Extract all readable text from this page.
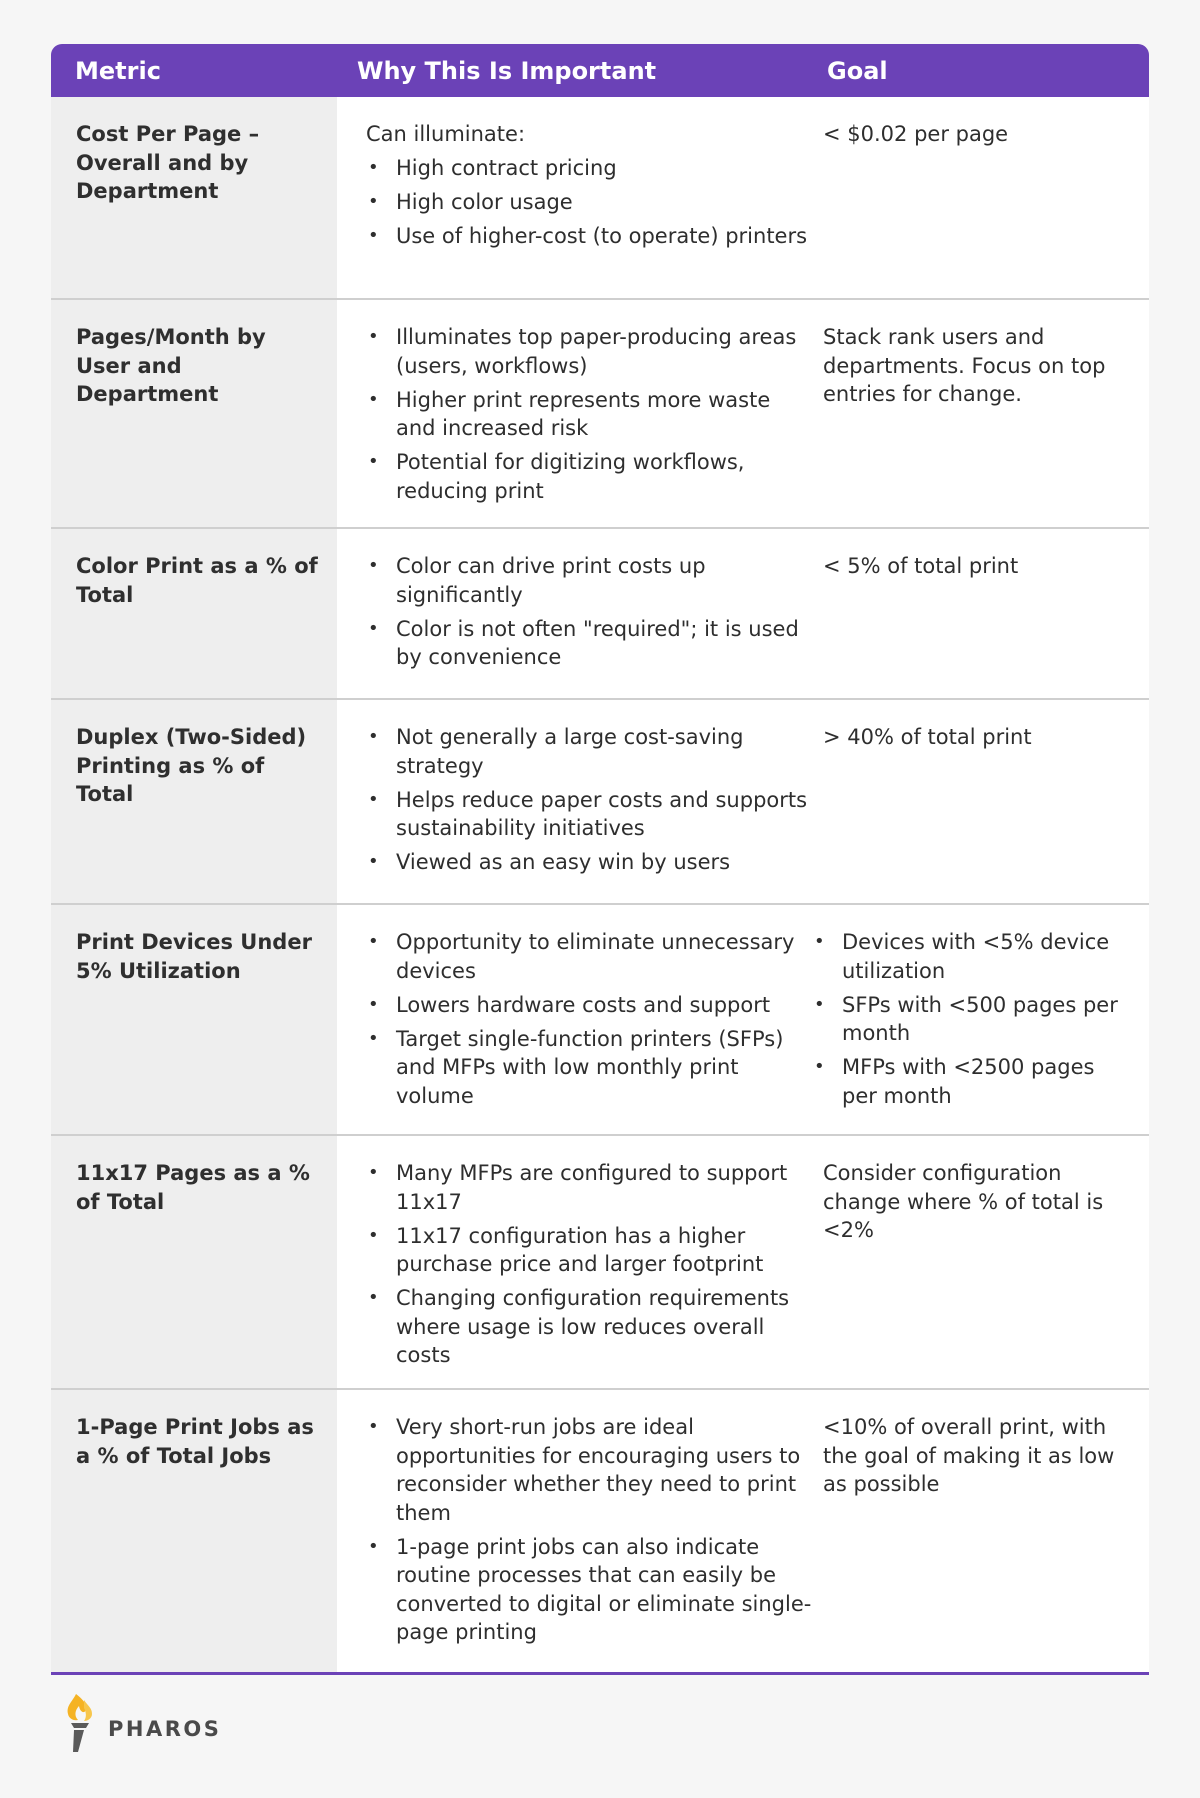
Metric	Why This Is Important	Goal
Cost Per Page – Overall and by Department
Can illuminate:
• High contract pricing
• High color usage
• Use of higher-cost (to operate) printers
< $0.02 per page
Pages/Month by User and Department
• Illuminates top paper-producing areas (users, workflows)
• Higher print represents more waste and increased risk
• Potential for digitizing workflows, reducing print
Stack rank users and departments. Focus on top entries for change.
Color Print as a % of Total
• Color can drive print costs up significantly
• Color is not often "required"; it is used by convenience
< 5% of total print
Duplex (Two-Sided) Printing as % of Total
• Not generally a large cost-saving strategy
• Helps reduce paper costs and supports sustainability initiatives
• Viewed as an easy win by users
> 40% of total print
Print Devices Under 5% Utilization
• Opportunity to eliminate unnecessary devices
• Lowers hardware costs and support
• Target single-function printers (SFPs) and MFPs with low monthly print volume
• Devices with <5% device utilization
• SFPs with <500 pages per month
• MFPs with <2500 pages per month
11x17 Pages as a % of Total
• Many MFPs are configured to support 11x17
• 11x17 configuration has a higher purchase price and larger footprint
• Changing configuration requirements where usage is low reduces overall costs
Consider configuration change where % of total is <2%
1-Page Print Jobs as a % of Total Jobs
• Very short-run jobs are ideal opportunities for encouraging users to reconsider whether they need to print them
• 1-page print jobs can also indicate routine processes that can easily be converted to digital or eliminate single-page printing
<10% of overall print, with the goal of making it as low as possible
PHAROS
